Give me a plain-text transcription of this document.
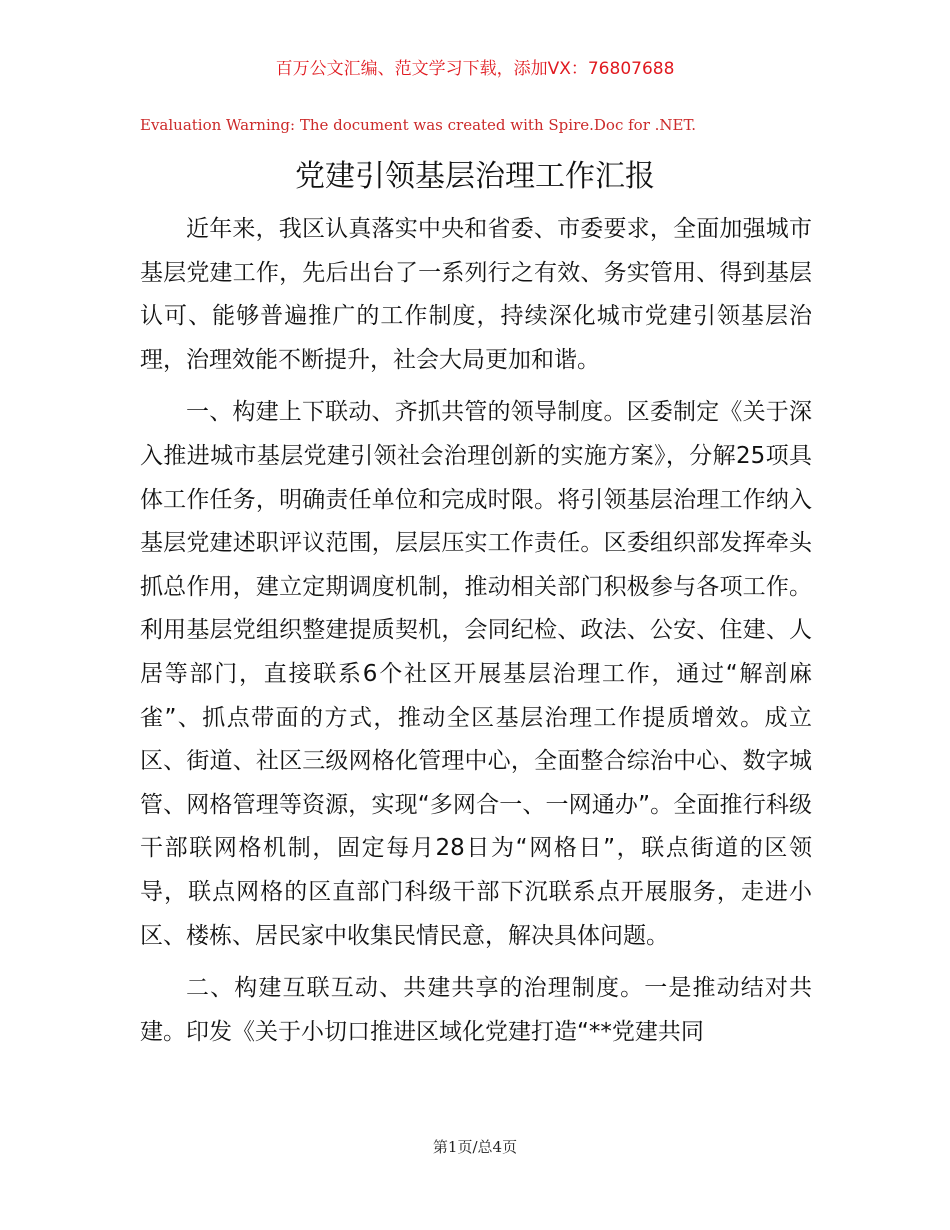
百万公文汇编、范文学习下载，添加VX：76807688
Evaluation Warning: The document was created with Spire.Doc for .NET.
党建引领基层治理工作汇报

近年来，我区认真落实中央和省委、市委要求，全面加强城市基层党建工作，先后出台了一系列行之有效、务实管用、得到基层认可、能够普遍推广的工作制度，持续深化城市党建引领基层治理，治理效能不断提升，社会大局更加和谐。

一、构建上下联动、齐抓共管的领导制度。区委制定《关于深入推进城市基层党建引领社会治理创新的实施方案》，分解25项具体工作任务，明确责任单位和完成时限。将引领基层治理工作纳入基层党建述职评议范围，层层压实工作责任。区委组织部发挥牵头抓总作用，建立定期调度机制，推动相关部门积极参与各项工作。利用基层党组织整建提质契机，会同纪检、政法、公安、住建、人居等部门，直接联系6个社区开展基层治理工作，通过“解剖麻雀”、抓点带面的方式，推动全区基层治理工作提质增效。成立区、街道、社区三级网格化管理中心，全面整合综治中心、数字城管、网格管理等资源，实现“多网合一、一网通办”。全面推行科级干部联网格机制，固定每月28日为“网格日”，联点街道的区领导，联点网格的区直部门科级干部下沉联系点开展服务，走进小区、楼栋、居民家中收集民情民意，解决具体问题。

二、构建互联互动、共建共享的治理制度。一是推动结对共建。印发《关于小切口推进区域化党建打造“**党建共同

第1页/总4页
